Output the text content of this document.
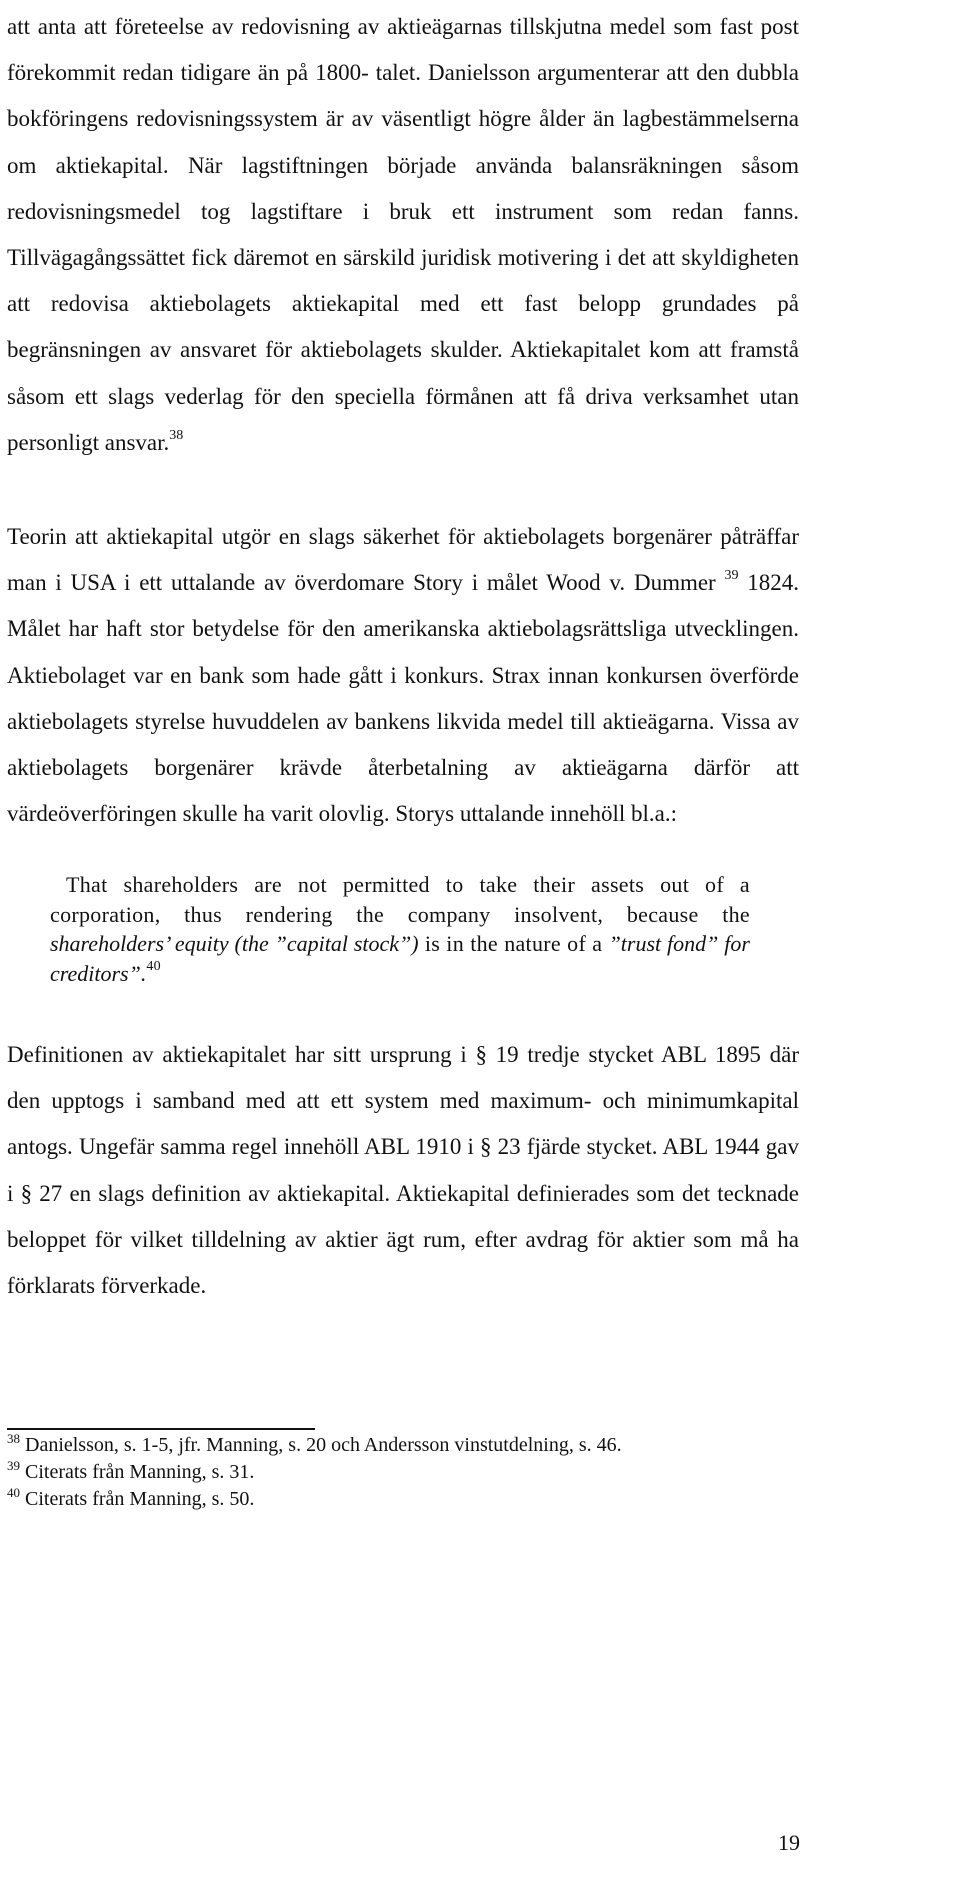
att anta att företeelse av redovisning av aktieägarnas tillskjutna medel som fast post förekommit redan tidigare än på 1800- talet. Danielsson argumenterar att den dubbla bokföringens redovisningssystem är av väsentligt högre ålder än lagbestämmelserna om aktiekapital. När lagstiftningen började använda balansräkningen såsom redovisningsmedel tog lagstiftare i bruk ett instrument som redan fanns. Tillvägagångssättet fick däremot en särskild juridisk motivering i det att skyldigheten att redovisa aktiebolagets aktiekapital med ett fast belopp grundades på begränsningen av ansvaret för aktiebolagets skulder. Aktiekapitalet kom att framstå såsom ett slags vederlag för den speciella förmånen att få driva verksamhet utan personligt ansvar.$^{38}$

Teorin att aktiekapital utgör en slags säkerhet för aktiebolagets borgenärer påträffar man i USA i ett uttalande av överdomare Story i målet Wood v. Dummer $^{39}$ 1824. Målet har haft stor betydelse för den amerikanska aktiebolagsrättsliga utvecklingen. Aktiebolaget var en bank som hade gått i konkurs. Strax innan konkursen överförde aktiebolagets styrelse huvuddelen av bankens likvida medel till aktieägarna. Vissa av aktiebolagets borgenärer krävde återbetalning av aktieägarna därför att värdeöverföringen skulle ha varit olovlig. Storys uttalande innehöll bl.a.:

That shareholders are not permitted to take their assets out of a corporation, thus rendering the company insolvent, because the shareholders’ equity (the ”capital stock”) is in the nature of a ”trust fond” for creditors”.$^{40}$

Definitionen av aktiekapitalet har sitt ursprung i § 19 tredje stycket ABL 1895 där den upptogs i samband med att ett system med maximum- och minimumkapital antogs. Ungefär samma regel innehöll ABL 1910 i § 23 fjärde stycket. ABL 1944 gav i § 27 en slags definition av aktiekapital. Aktiekapital definierades som det tecknade beloppet för vilket tilldelning av aktier ägt rum, efter avdrag för aktier som må ha förklarats förverkade.

$^{38}$ Danielsson, s. 1-5, jfr. Manning, s. 20 och Andersson vinstutdelning, s. 46.

$^{39}$ Citerats från Manning, s. 31.

$^{40}$ Citerats från Manning, s. 50.

19
